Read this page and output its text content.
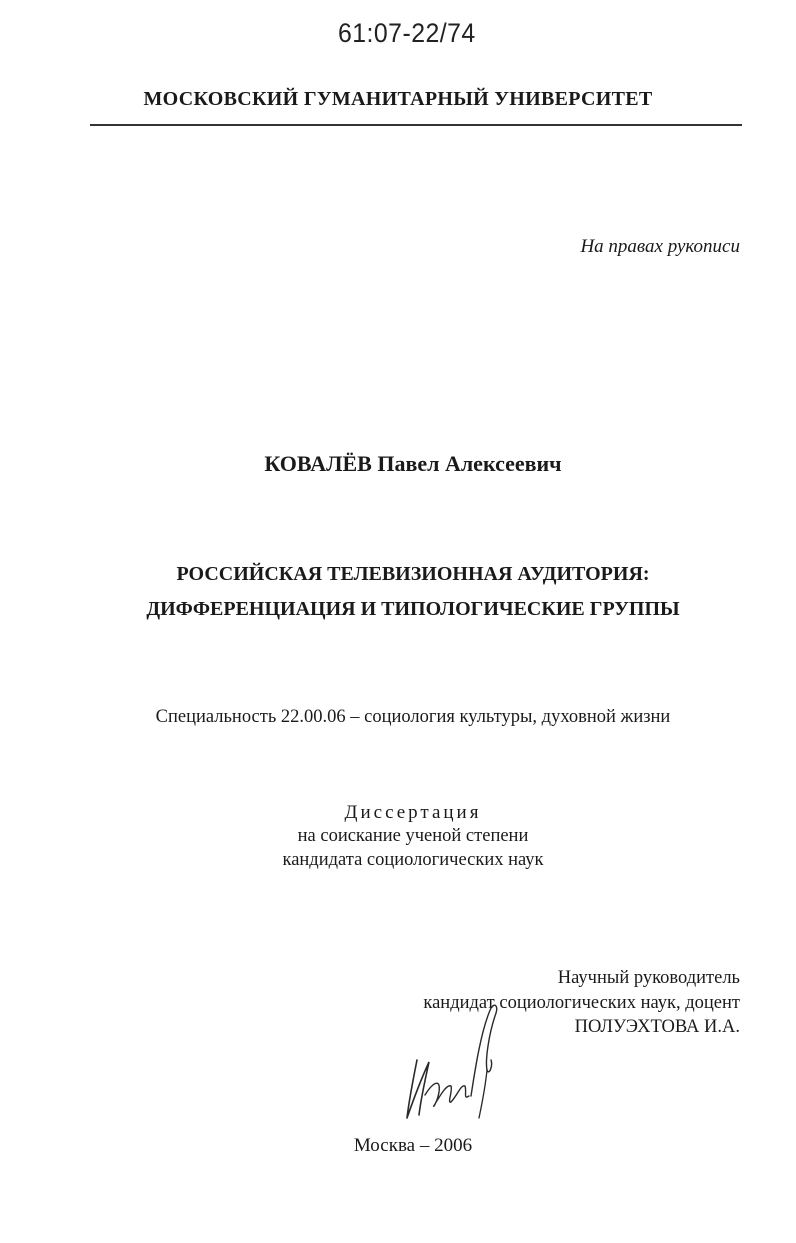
61:07-22/74
МОСКОВСКИЙ ГУМАНИТАРНЫЙ УНИВЕРСИТЕТ
На правах рукописи
КОВАЛЁВ Павел Алексеевич
РОССИЙСКАЯ ТЕЛЕВИЗИОННАЯ АУДИТОРИЯ:
ДИФФЕРЕНЦИАЦИЯ И ТИПОЛОГИЧЕСКИЕ ГРУППЫ
Специальность 22.00.06 – социология культуры, духовной жизни
Диссертация
на соискание ученой степени
кандидата социологических наук
Научный руководитель
кандидат социологических наук, доцент
ПОЛУЭХТОВА И.А.
Москва – 2006
